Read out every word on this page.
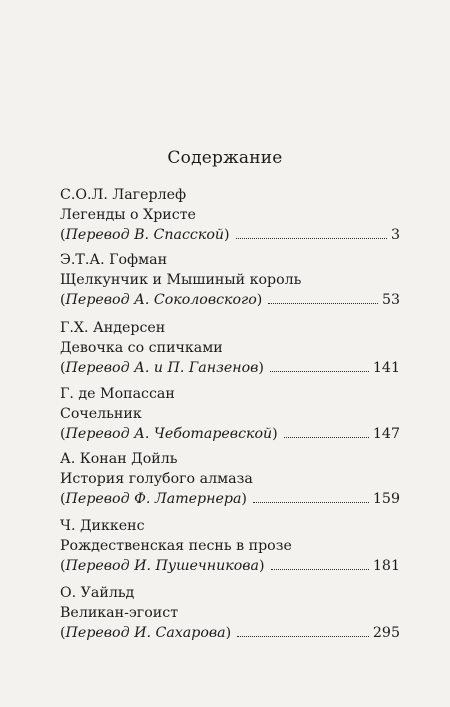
Содержание
С.О.Л. Лагерлеф
Легенды о Христе
(Перевод В. Спасской)	3
Э.Т.А. Гофман
Щелкунчик и Мышиный король
(Перевод А. Соколовского)	53
Г.Х. Андерсен
Девочка со спичками
(Перевод А. и П. Ганзенов)	141
Г. де Мопассан
Сочельник
(Перевод А. Чеботаревской)	147
А. Конан Дойль
История голубого алмаза
(Перевод Ф. Латернера)	159
Ч. Диккенс
Рождественская песнь в прозе
(Перевод И. Пушечникова)	181
О. Уайльд
Великан-эгоист
(Перевод И. Сахарова)	295
